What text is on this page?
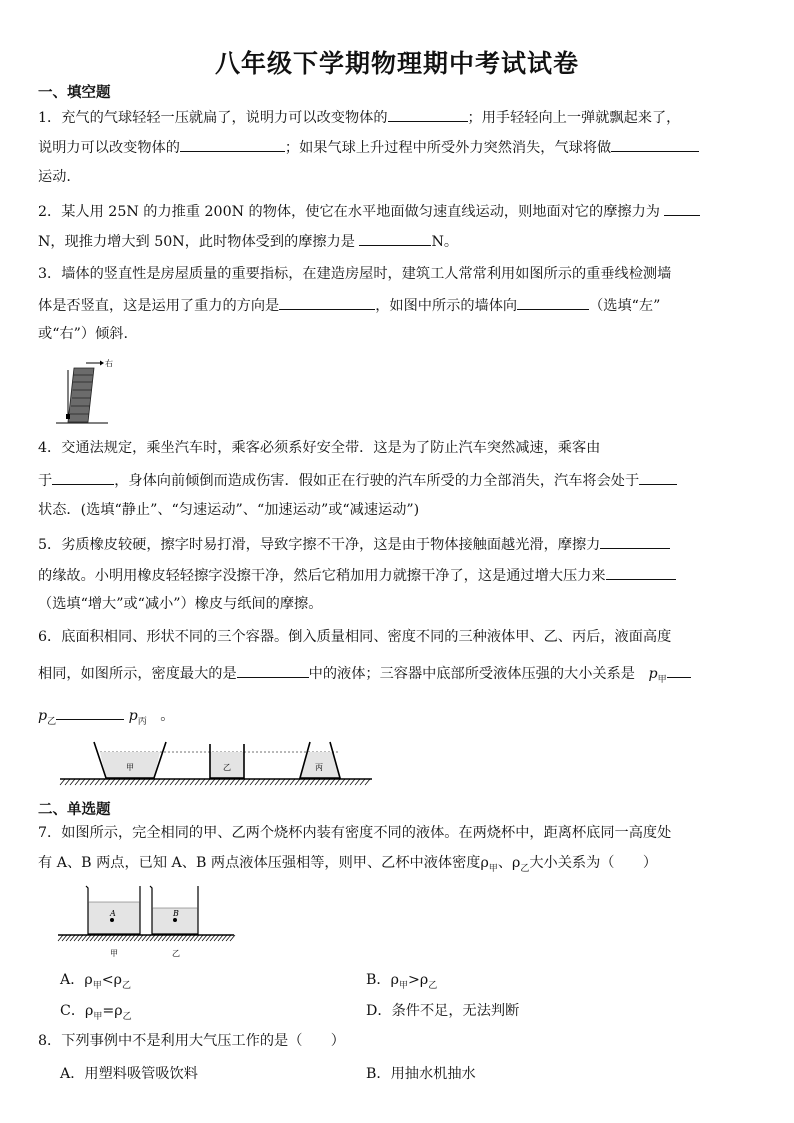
八年级下学期物理期中考试试卷
一、填空题
1．充气的气球轻轻一压就扁了，说明力可以改变物体的	；用手轻轻向上一弹就飘起来了，
说明力可以改变物体的	；如果气球上升过程中所受外力突然消失，气球将做
运动.
2．某人用 25N 的力推重 200N 的物体，使它在水平地面做匀速直线运动，则地面对它的摩擦力为
N，现推力增大到 50N，此时物体受到的摩擦力是	N。
3．墙体的竖直性是房屋质量的重要指标，在建造房屋时，建筑工人常常利用如图所示的重垂线检测墙
体是否竖直，这是运用了重力的方向是	，如图中所示的墙体向	（选填“左”
或“右”）倾斜.
右
4．交通法规定，乘坐汽车时，乘客必须系好安全带．这是为了防止汽车突然减速，乘客由
于	，身体向前倾倒而造成伤害．假如正在行驶的汽车所受的力全部消失，汽车将会处于
状态．(选填“静止”、“匀速运动”、“加速运动”或“减速运动”)
5．劣质橡皮较硬，擦字时易打滑，导致字擦不干净，这是由于物体接触面越光滑，摩擦力
的缘故。小明用橡皮轻轻擦字没擦干净，然后它稍加用力就擦干净了，这是通过增大压力来
（选填“增大”或“减小”）橡皮与纸间的摩擦。
6．底面积相同、形状不同的三个容器。倒入质量相同、密度不同的三种液体甲、乙、丙后，液面高度
相同，如图所示，密度最大的是	中的液体；三容器中底部所受液体压强的大小关系是 $p_甲$
$p_乙$	$p_丙$ 。
甲	乙	丙
二、单选题
7．如图所示，完全相同的甲、乙两个烧杯内装有密度不同的液体。在两烧杯中，距离杯底同一高度处
有 A、B 两点，已知 A、B 两点液体压强相等，则甲、乙杯中液体密度$\rho_甲$、$\rho_乙$大小关系为（　　）
A
甲
B
乙
A．$\rho_甲<\rho_乙$	B．$\rho_甲>\rho_乙$
C．$\rho_甲=\rho_乙$	D．条件不足，无法判断
8．下列事例中不是利用大气压工作的是（　　）
A．用塑料吸管吸饮料	B．用抽水机抽水
